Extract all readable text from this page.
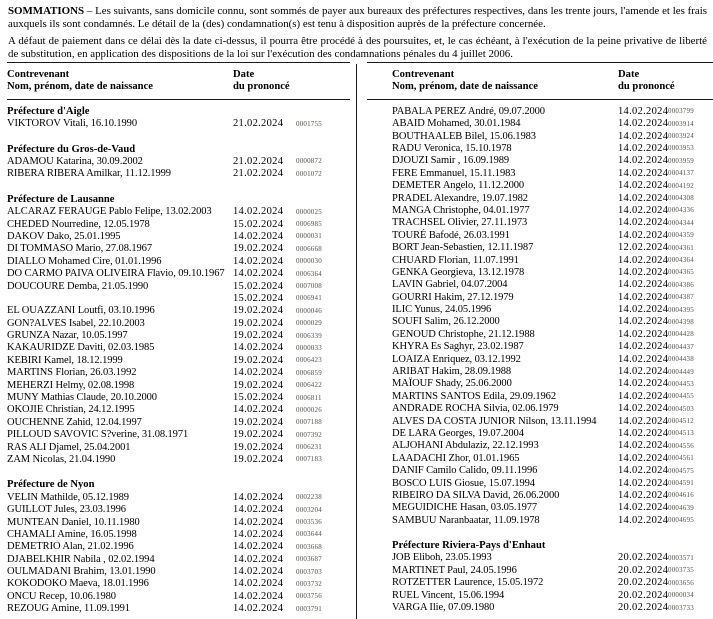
SOMMATIONS – Les suivants, sans domicile connu, sont sommés de payer aux bureaux des préfectures respectives, dans les trente jours, l'amende et les frais auxquels ils sont condamnés. Le détail de la (des) condamnation(s) est tenu à disposition auprès de la préfecture concernée.

A défaut de paiement dans ce délai dès la date ci-dessus, il pourra être procédé à des poursuites, et, le cas échéant, à l'exécution de la peine privative de liberté de substitution, en application des dispositions de la loi sur l'exécution des condamnations pénales du 4 juillet 2006.

Contrevenant
Nom, prénom, date de naissance
Date
du prononcé
Préfecture d'Aigle
VIKTOROV Vitali, 16.10.1990	21.02.2024 0001755
Préfecture du Gros-de-Vaud
ADAMOU Katarina, 30.09.2002	21.02.2024 0000872
RIBERA RIBERA Amilkar, 11.12.1999	21.02.2024 0001072
Préfecture de Lausanne
ALCARAZ FERAUGE Pablo Felipe, 13.02.2003 14.02.2024 0000025
CHEDED Nourredine, 12.05.1978	15.02.2024 0006985
DAKOV Dako, 25.01.1995	14.02.2024 0000031
DI TOMMASO Mario, 27.08.1967	19.02.2024 0006668
DIALLO Mohamed Cire, 01.01.1996	14.02.2024 0000030
DO CARMO PAIVA OLIVEIRA Flavio, 09.10.1967 14.02.2024 0006364
DOUCOURE Demba, 21.05.1990	15.02.2024 0007008
15.02.2024 0006941
EL OUAZZANI Loutfi, 03.10.1996	19.02.2024 0000046
GON?ALVES Isabel, 22.10.2003	19.02.2024 0000029
GRUNZA Nazar, 10.05.1997	19.02.2024 0006339
KAKAURIDZE Daviti, 02.03.1985	14.02.2024 0000033
KEBIRI Kamel, 18.12.1999	19.02.2024 0006423
MARTINS Florian, 26.03.1992	14.02.2024 0006859
MEHERZI Helmy, 02.08.1998	19.02.2024 0006422
MUNY Mathias Claude, 20.10.2000	15.02.2024 0006811
OKOJIE Christian, 24.12.1995	14.02.2024 0000026
OUCHENNE Zahid, 12.04.1997	19.02.2024 0007188
PILLOUD SAVOVIC S?verine, 31.08.1971	19.02.2024 0007392
RAS ALI Djamel, 25.04.2001	19.02.2024 0006231
ZAM Nicolas, 21.04.1990	19.02.2024 0007183
Préfecture de Nyon
VELIN Mathilde, 05.12.1989	14.02.2024 0002238
GUILLOT Jules, 23.03.1996	14.02.2024 0003204
MUNTEAN Daniel, 10.11.1980	14.02.2024 0003536
CHAMALI Amine, 16.05.1998	14.02.2024 0003644
DEMETRIO Alan, 21.02.1996	14.02.2024 0003668
DJABELKHIR Nabila , 02.02.1994	14.02.2024 0003687
OULMADANI Brahim, 13.01.1990	14.02.2024 0003703
KOKODOKO Maeva, 18.01.1996	14.02.2024 0003732
ONCU Recep, 10.06.1980	14.02.2024 0003756
REZOUG Amine, 11.09.1991	14.02.2024 0003791
Contrevenant
Nom, prénom, date de naissance
Date
du prononcé
PABALA PEREZ André, 09.07.2000	14.02.2024 0003799
ABAID Mohamed, 30.01.1984	14.02.2024 0003914
BOUTHAALEB Bilel, 15.06.1983	14.02.2024 0003924
RADU Veronica, 15.10.1978	14.02.2024 0003953
DJOUZI Samir , 16.09.1989	14.02.2024 0003959
FERE Emmanuel, 15.11.1983	14.02.2024 0004137
DEMETER Angelo, 11.12.2000	14.02.2024 0004192
PRADEL Alexandre, 19.07.1982	14.02.2024 0004308
MANGA Christophe, 04.01.1977	14.02.2024 0004336
TRACHSEL Olivier, 27.11.1973	14.02.2024 0004344
TOURÉ Bafodé, 26.03.1991	14.02.2024 0004359
BORT Jean-Sebastien, 12.11.1987	12.02.2024 0004361
CHUARD Florian, 11.07.1991	14.02.2024 0004364
GENKA Georgieva, 13.12.1978	14.02.2024 0004365
LAVIN Gabriel, 04.07.2004	14.02.2024 0004386
GOURRI Hakim, 27.12.1979	14.02.2024 0004387
ILIC Yunus, 24.05.1996	14.02.2024 0004395
SOUFI Salim, 26.12.2000	14.02.2024 0004398
GENOUD Christophe, 21.12.1988	14.02.2024 0004428
KHYRA Es Saghyr, 23.02.1987	14.02.2024 0004437
LOAIZA Enriquez, 03.12.1992	14.02.2024 0004438
ARIBAT Hakim, 28.09.1988	14.02.2024 0004449
MAÏOUF Shady, 25.06.2000	14.02.2024 0004453
MARTINS SANTOS Edila, 29.09.1962	14.02.2024 0004455
ANDRADE ROCHA Silvia, 02.06.1979	14.02.2024 0004503
ALVES DA COSTA JUNIOR Nilson, 13.11.1994 14.02.2024 0004512
DE LARA Georges, 19.07.2004	14.02.2024 0004513
ALJOHANI Abdulaziz, 22.12.1993	14.02.2024 0004556
LAADACHI Zhor, 01.01.1965	14.02.2024 0004561
DANIF Camilo Calido, 09.11.1996	14.02.2024 0004575
BOSCO LUIS Giosue, 15.07.1994	14.02.2024 0004591
RIBEIRO DA SILVA David, 26.06.2000	14.02.2024 0004616
MEGUIDICHE Hasan, 03.05.1977	14.02.2024 0004639
SAMBUU Naranbaatar, 11.09.1978	14.02.2024 0004695
Préfecture Riviera-Pays d'Enhaut
JOB Eliboh, 23.05.1993	20.02.2024 0003571
MARTINET Paul, 24.05.1996	20.02.2024 0003735
ROTZETTER Laurence, 15.05.1972	20.02.2024 0003656
RUEL Vincent, 15.06.1994	20.02.2024 0000034
VARGA Ilie, 07.09.1980	20.02.2024 0003733
